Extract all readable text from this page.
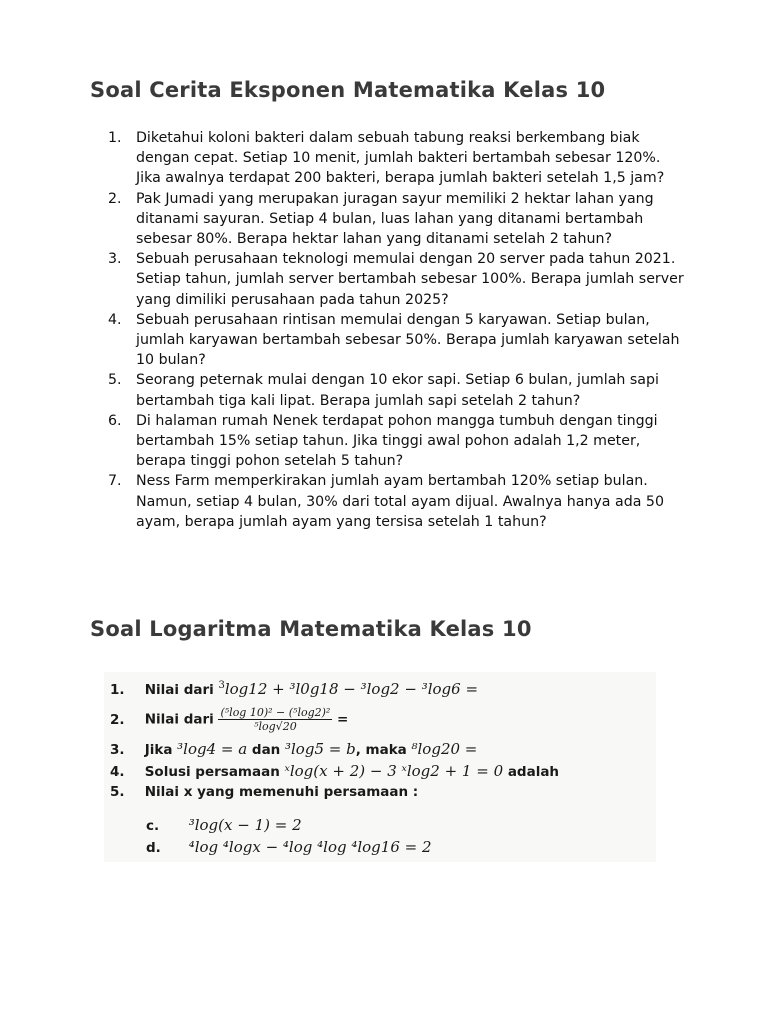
Soal Cerita Eksponen Matematika Kelas 10
1. Diketahui koloni bakteri dalam sebuah tabung reaksi berkembang biak dengan cepat. Setiap 10 menit, jumlah bakteri bertambah sebesar 120%. Jika awalnya terdapat 200 bakteri, berapa jumlah bakteri setelah 1,5 jam?
2. Pak Jumadi yang merupakan juragan sayur memiliki 2 hektar lahan yang ditanami sayuran. Setiap 4 bulan, luas lahan yang ditanami bertambah sebesar 80%. Berapa hektar lahan yang ditanami setelah 2 tahun?
3. Sebuah perusahaan teknologi memulai dengan 20 server pada tahun 2021. Setiap tahun, jumlah server bertambah sebesar 100%. Berapa jumlah server yang dimiliki perusahaan pada tahun 2025?
4. Sebuah perusahaan rintisan memulai dengan 5 karyawan. Setiap bulan, jumlah karyawan bertambah sebesar 50%. Berapa jumlah karyawan setelah 10 bulan?
5. Seorang peternak mulai dengan 10 ekor sapi. Setiap 6 bulan, jumlah sapi bertambah tiga kali lipat. Berapa jumlah sapi setelah 2 tahun?
6. Di halaman rumah Nenek terdapat pohon mangga tumbuh dengan tinggi bertambah 15% setiap tahun. Jika tinggi awal pohon adalah 1,2 meter, berapa tinggi pohon setelah 5 tahun?
7. Ness Farm memperkirakan jumlah ayam bertambah 120% setiap bulan. Namun, setiap 4 bulan, 30% dari total ayam dijual. Awalnya hanya ada 50 ayam, berapa jumlah ayam yang tersisa setelah 1 tahun?
Soal Logaritma Matematika Kelas 10
1. Nilai dari $^3$log12 + ³l0g18 − ³log2 − ³log6 =
2. Nilai dari $\frac{\text{(⁵log 10)² − (⁵log2)²}}{\text{⁵log√20}}$ =
3. Jika ³log4 = a dan ³log5 = b, maka ⁸log20 =
4. Solusi persamaan ˣlog(x + 2) − 3 ˣlog2 + 1 = 0 adalah
5. Nilai x yang memenuhi persamaan :
c. ³log(x − 1) = 2
d. ⁴log ⁴logx − ⁴log ⁴log ⁴log16 = 2
